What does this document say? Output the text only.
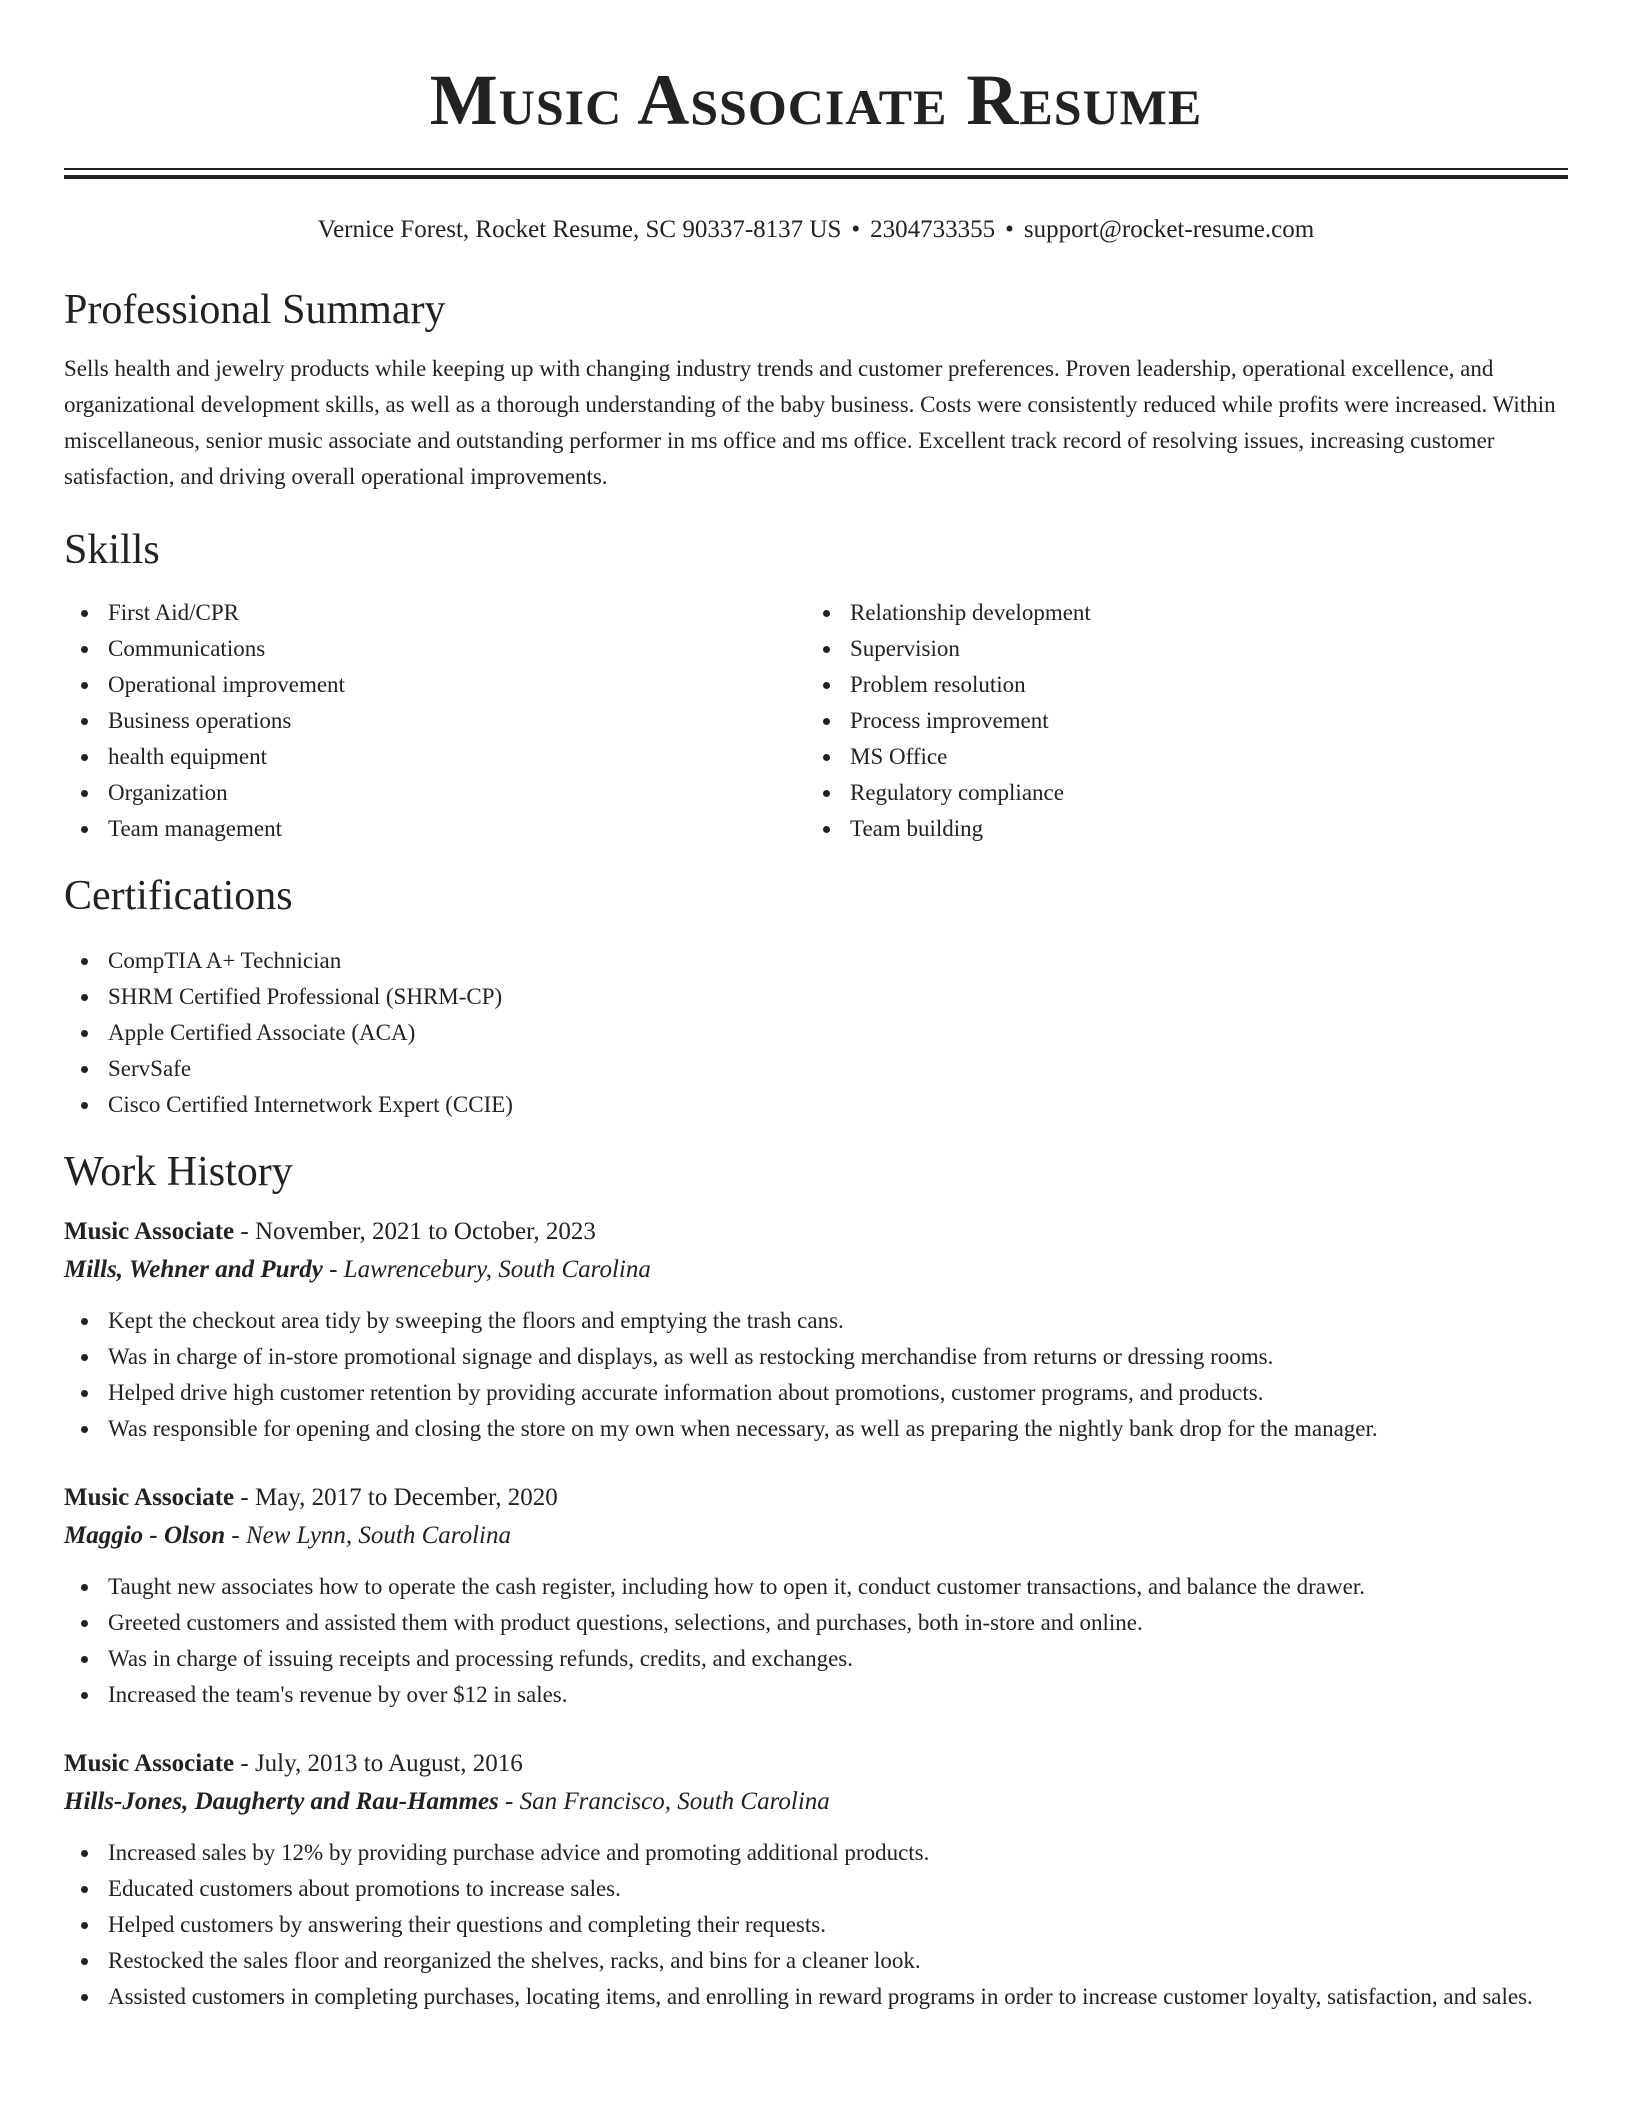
Music Associate Resume
Vernice Forest, Rocket Resume, SC 90337-8137 US • 2304733355 • support@rocket-resume.com
Professional Summary

Sells health and jewelry products while keeping up with changing industry trends and customer preferences. Proven leadership, operational excellence, and organizational development skills, as well as a thorough understanding of the baby business. Costs were consistently reduced while profits were increased. Within miscellaneous, senior music associate and outstanding performer in ms office and ms office. Excellent track record of resolving issues, increasing customer satisfaction, and driving overall operational improvements.

Skills
First Aid/CPR
Communications
Operational improvement
Business operations
health equipment
Organization
Team management
Relationship development
Supervision
Problem resolution
Process improvement
MS Office
Regulatory compliance
Team building
Certifications
CompTIA A+ Technician
SHRM Certified Professional (SHRM-CP)
Apple Certified Associate (ACA)
ServSafe
Cisco Certified Internetwork Expert (CCIE)
Work History
Music Associate - November, 2021 to October, 2023
Mills, Wehner and Purdy - Lawrencebury, South Carolina
Kept the checkout area tidy by sweeping the floors and emptying the trash cans.
Was in charge of in-store promotional signage and displays, as well as restocking merchandise from returns or dressing rooms.
Helped drive high customer retention by providing accurate information about promotions, customer programs, and products.
Was responsible for opening and closing the store on my own when necessary, as well as preparing the nightly bank drop for the manager.
Music Associate - May, 2017 to December, 2020
Maggio - Olson - New Lynn, South Carolina
Taught new associates how to operate the cash register, including how to open it, conduct customer transactions, and balance the drawer.
Greeted customers and assisted them with product questions, selections, and purchases, both in-store and online.
Was in charge of issuing receipts and processing refunds, credits, and exchanges.
Increased the team's revenue by over $12 in sales.
Music Associate - July, 2013 to August, 2016
Hills-Jones, Daugherty and Rau-Hammes - San Francisco, South Carolina
Increased sales by 12% by providing purchase advice and promoting additional products.
Educated customers about promotions to increase sales.
Helped customers by answering their questions and completing their requests.
Restocked the sales floor and reorganized the shelves, racks, and bins for a cleaner look.
Assisted customers in completing purchases, locating items, and enrolling in reward programs in order to increase customer loyalty, satisfaction, and sales.
